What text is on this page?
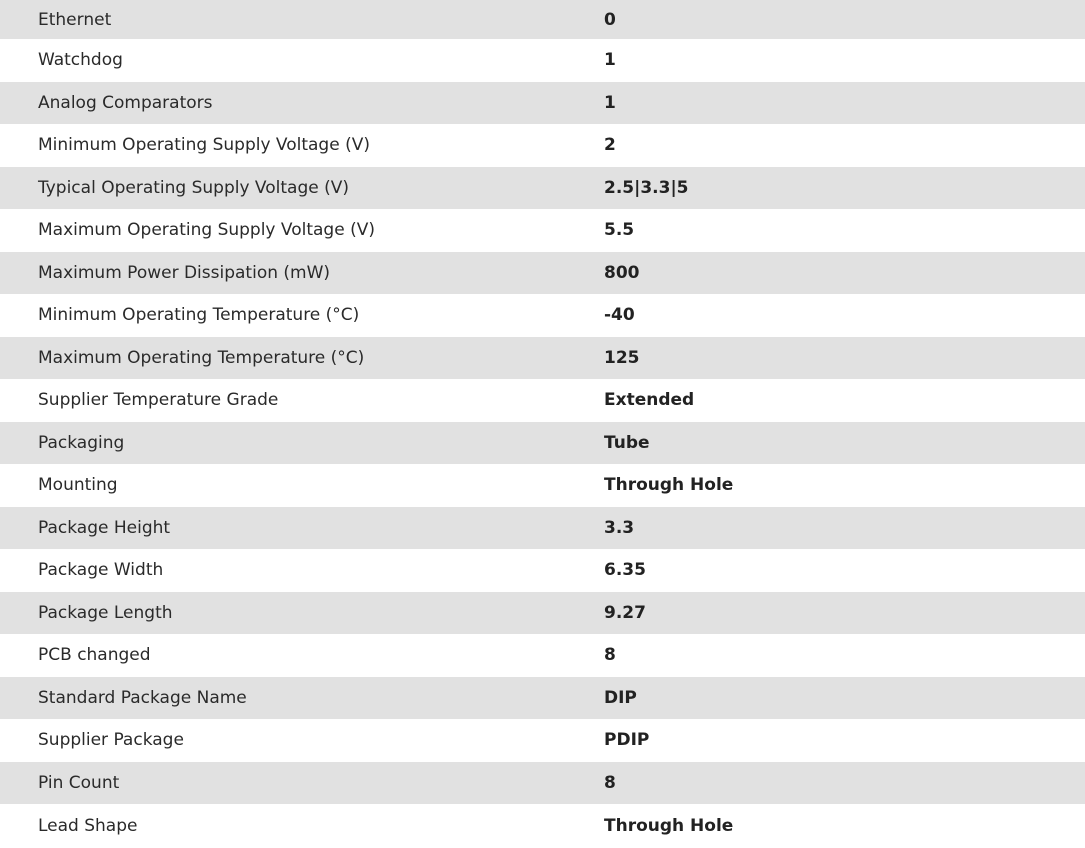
Ethernet	0
Watchdog	1
Analog Comparators	1
Minimum Operating Supply Voltage (V)	2
Typical Operating Supply Voltage (V)	2.5|3.3|5
Maximum Operating Supply Voltage (V)	5.5
Maximum Power Dissipation (mW)	800
Minimum Operating Temperature (°C)	-40
Maximum Operating Temperature (°C)	125
Supplier Temperature Grade	Extended
Packaging	Tube
Mounting	Through Hole
Package Height	3.3
Package Width	6.35
Package Length	9.27
PCB changed	8
Standard Package Name	DIP
Supplier Package	PDIP
Pin Count	8
Lead Shape	Through Hole
